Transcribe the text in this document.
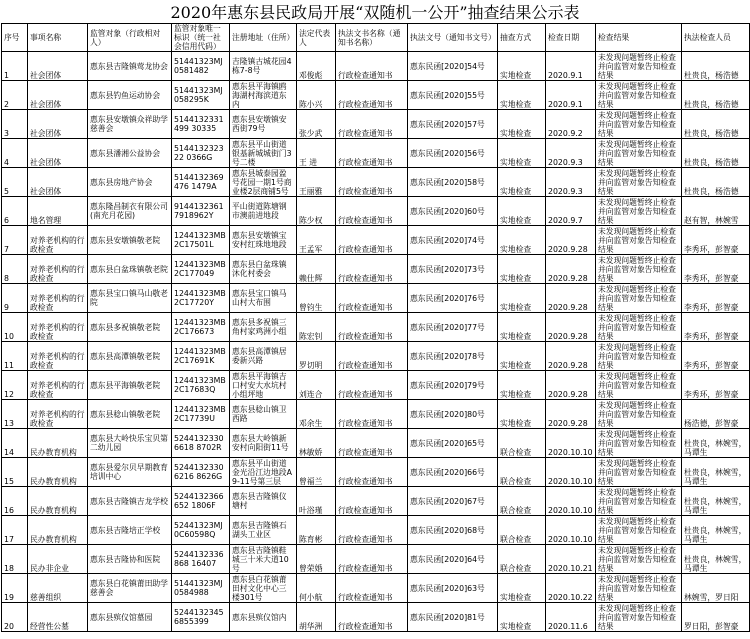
2020年惠东县民政局开展“双随机一公开”抽查结果公示表
序号	事项名称	监管对象（行政相对人）	监管对象唯一标识（统一社会信用代码）	注册地址（住所）	法定代表人	执法文书名称（通知书名称）	执法文号（通知书文号）	抽查方式	检查日期	检查结果	执法检查人员
1	社会团体	惠东县吉隆镇莺龙协会	51441323MJ0581482	吉隆镇古城花园4栋7-8号	邓俊彪	行政检查通知书	惠东民函[2020]54号	实地检查	2020.9.1	未发现问题暂终止检查并向监管对象告知检查结果	杜贵良，杨浩德
2	社会团体	惠东县钓鱼运动协会	51441323MJ058295K	惠东县平海镇鸥海湖村海滨道东内	陈小兴	行政检查通知书	惠东民函[2020]55号	实地检查	2020.9.1	未发现问题暂终止检查并向监管对象告知检查结果	杜贵良，杨浩德
3	社会团体	惠东县安墩镇众祥助学慈善会	5144132331499 30335	惠东县安墩镇安西街79号	张少武	行政检查通知书	惠东民函[2020]57号	实地检查	2020.9.2	未发现问题暂终止检查并向监管对象告知检查结果	杜贵良，杨浩德
4	社会团体	惠东县潘湘公益协会	514413232322 0366G	惠东县平山街道银基新城城街门3号二楼	王 进	行政检查通知书	惠东民函[2020]56号	实地检查	2020.9.3	未发现问题暂终止检查并向监管对象告知检查结果	杜贵良，杨浩德
5	社会团体	惠东县房地产协会	5144132369476 1479A	惠东县城泰园盈号花园一期1号商业楼2层商铺5号	王丽雅	行政检查通知书	惠东民函[2020]58号	实地检查	2020.9.3	未发现问题暂终止检查并向监管对象告知检查结果	杜贵良，杨浩德
6	地名管理	惠东隆昌制衣有限公司(南充月花园)	91441323617918962Y	平山街道陈塘钢市澳前进地段	陈少权	行政检查通知书	惠东民函[2020]60号	实地检查	2020.9.7	未发现问题暂终止检查并向监管对象告知检查结果	赵有智，林婉雪
7	对养老机构的行政检查	惠东县安墩镇敬老院	12441323MB2C17501L	惠东县安墩镇宝安村红珠地地段	王孟军	行政检查通知书	惠东民函[2020]74号	实地检查	2020.9.28	未发现问题暂终止检查并向监管对象告知检查结果	李秀环，彭智豪
8	对养老机构的行政检查	惠东县白盆珠镇敬老院	12441323MB2C177049	惠东县白盆珠镇沐化村委会	赖仕辉	行政检查通知书	惠东民函[2020]73号	实地检查	2020.9.28	未发现问题暂终止检查并向监管对象告知检查结果	李秀环，彭智豪
9	对养老机构的行政检查	惠东县宝口镇马山敬老院	12441323MB2C17720Y	惠东县宝口镇马山村大布围	曾钧生	行政检查通知书	惠东民函[2020]76号	实地检查	2020.9.28	未发现问题暂终止检查并向监管对象告知检查结果	李秀环，彭智豪
10	对养老机构的行政检查	惠东县多祝镇敬老院	12441323MB2C176673	惠东县多祝镇三角村家鸡洲小组	陈宏钊	行政检查通知书	惠东民函[2020]77号	实地检查	2020.9.28	未发现问题暂终止检查并向监管对象告知检查结果	李秀环，彭智豪
11	对养老机构的行政检查	惠东县高潭镇敬老院	12441323MB2C17691K	惠东县高潭镇居委新兴路	罗切明	行政检查通知书	惠东民函[2020]78号	实地检查	2020.9.28	未发现问题暂终止检查并向监管对象告知检查结果	李秀环，彭智豪
12	对养老机构的行政检查	惠东县平海镇敬老院	12441323MB2C17683Q	惠东县平海镇吉口村安大水坑村小组坪地	刘连合	行政检查通知书	惠东民函[2020]79号	实地检查	2020.9.28	未发现问题暂终止检查并向监管对象告知检查结果	李秀环，彭智豪
13	对养老机构的行政检查	惠东县稔山镇敬老院	12441323MB2C17739U	惠东县稔山镇卫西路	邓余生	行政检查通知书	惠东民函[2020]80号	实地检查	2020.9.28	未发现问题暂终止检查并向监管对象告知检查结果	杨浩德，彭智豪
14	民办教育机构	惠东县大岭快乐宝贝第二幼儿园	52441323306618 8702R	惠东县大岭镇新安村向阳街11号	林敏娇	行政检查通知书	惠东民函[2020]65号	联合检查	2020.10.10	未发现问题暂终止检查并向监管对象告知检查结果	杜贵良，林婉雪，马谭生
15	民办教育机构	惠东县爱尔贝早期教育培训中心	52441323306216 8626G	惠东县平山街道金光沿江边地段A9-11号第三层	曾福兰	行政检查通知书	惠东民函[2020]66号	联合检查	2020.10.10	未发现问题暂终止检查并向监管对象告知检查结果	杜贵良，林婉雪，马谭生
16	民办教育机构	惠东县吉隆镇吉龙学校	5244132366652 1806F	惠东县吉隆镇仪塘村	叶浴瑾	行政检查通知书	惠东民函[2020]67号	联合检查	2020.10.10	未发现问题暂终止检查并向监管对象告知检查结果	杜贵良，林婉雪，马谭生
17	民办教育机构	惠东县吉隆培正学校	52441323MJ0C60598Q	惠东县吉隆镇石湖头工业区	陈育彬	行政检查通知书	惠东民函[2020]68号	联合检查	2020.10.10	未发现问题暂终止检查并向监管对象告知检查结果	杜贵良，林婉雪，马谭生
18	民办非企业	惠东县吉隆协和医院	5244132336868 16407	惠东县吉隆镇鞋城三十米大道10号	曾荣婚	行政检查通知书	惠东民函[2020]64号	联合检查	2020.10.21	未发现问题暂终止检查并向监管对象告知检查结果	杜贵良，林婉雪，马谭生
19	慈善组织	惠东县白花镇莆田助学慈善会	51441323MJ0584988	惠东县白花镇莆田村文化中心三楼301号	何小航	行政检查通知书	惠东民函[2020]63号	实地检查	2020.10.22	未发现问题暂终止检查并向监管对象告知检查结果	林婉雪，罗日阳
20	经营性公墓	惠东县殡仪馆墓园	52441323456855399	惠东县殡仪馆内	胡华洲	行政检查通知书	惠东民函[2020]81号	实地检查	2020.11.6	未发现问题暂终止检查并向监管对象告知检查结果	罗日阳，彭智豪
